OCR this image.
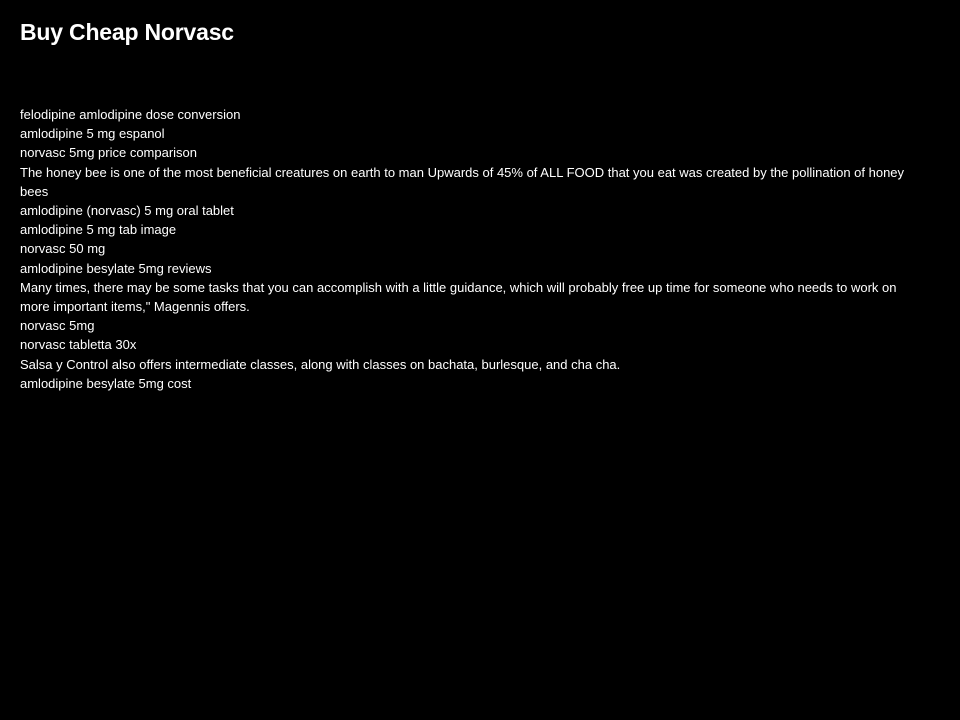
Buy Cheap Norvasc

felodipine amlodipine dose conversion

amlodipine 5 mg espanol

norvasc 5mg price comparison

The honey bee is one of the most beneficial creatures on earth to man Upwards of 45% of ALL FOOD that you eat was created by the pollination of honey bees

amlodipine (norvasc) 5 mg oral tablet

amlodipine 5 mg tab image

norvasc 50 mg

amlodipine besylate 5mg reviews

Many times, there may be some tasks that you can accomplish with a little guidance, which will probably free up time for someone who needs to work on more important items," Magennis offers.

norvasc 5mg

norvasc tabletta 30x

Salsa y Control also offers intermediate classes, along with classes on bachata, burlesque, and cha cha.

amlodipine besylate 5mg cost
